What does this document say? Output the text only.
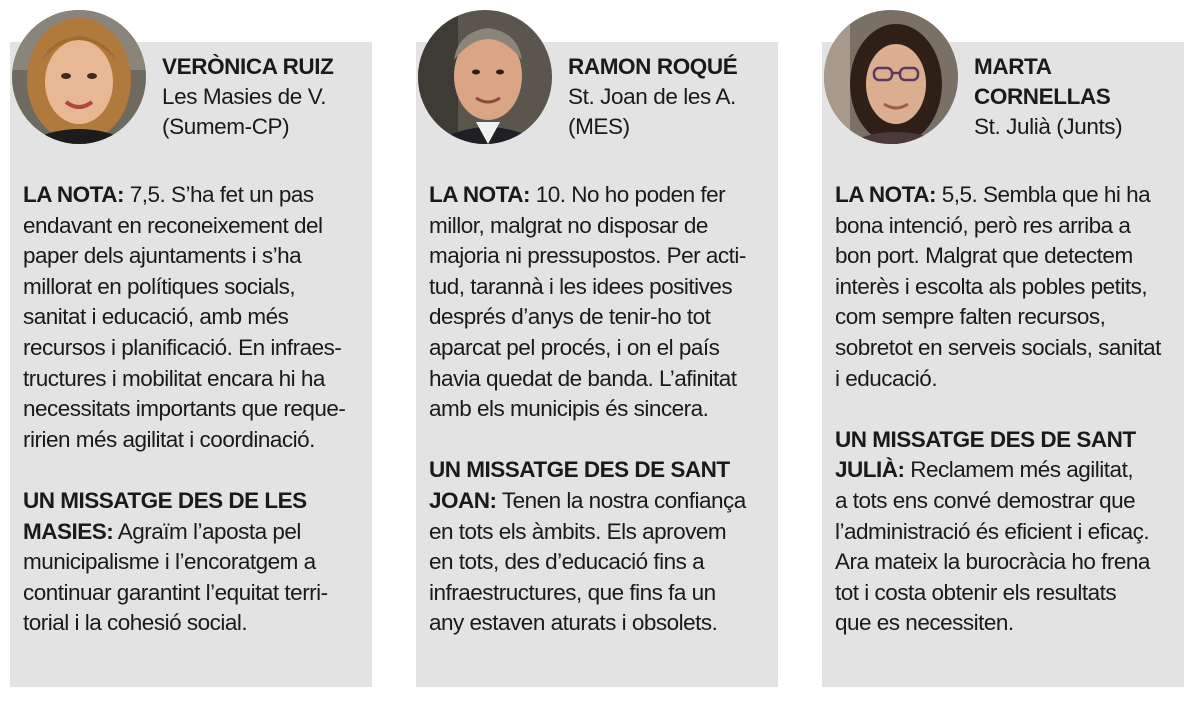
VERÒNICA RUIZ
Les Masies de V.
(Sumem-CP)
LA NOTA: 7,5. S’ha fet un pas
endavant en reconeixement del
paper dels ajuntaments i s’ha
millorat en polítiques socials,
sanitat i educació, amb més
recursos i planificació. En infraes-
tructures i mobilitat encara hi ha
necessitats importants que reque-
ririen més agilitat i coordinació.
UN MISSATGE DES DE LES
MASIES: Agraïm l’aposta pel
municipalisme i l’encoratgem a
continuar garantint l’equitat terri-
torial i la cohesió social.
RAMON ROQUÉ
St. Joan de les A.
(MES)
LA NOTA: 10. No ho poden fer
millor, malgrat no disposar de
majoria ni pressupostos. Per acti-
tud, tarannà i les idees positives
després d’anys de tenir-ho tot
aparcat pel procés, i on el país
havia quedat de banda. L’afinitat
amb els municipis és sincera.
UN MISSATGE DES DE SANT
JOAN: Tenen la nostra confiança
en tots els àmbits. Els aprovem
en tots, des d’educació fins a
infraestructures, que fins fa un
any estaven aturats i obsolets.
MARTA
CORNELLAS
St. Julià (Junts)
LA NOTA: 5,5. Sembla que hi ha
bona intenció, però res arriba a
bon port. Malgrat que detectem
interès i escolta als pobles petits,
com sempre falten recursos,
sobretot en serveis socials, sanitat
i educació.
UN MISSATGE DES DE SANT
JULIÀ: Reclamem més agilitat,
a tots ens convé demostrar que
l’administració és eficient i eficaç.
Ara mateix la burocràcia ho frena
tot i costa obtenir els resultats
que es necessiten.
